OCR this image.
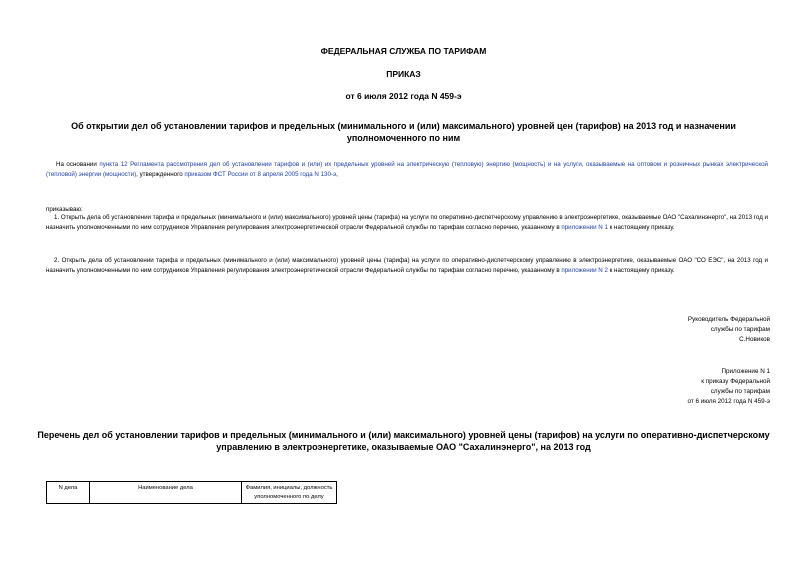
ФЕДЕРАЛЬНАЯ СЛУЖБА ПО ТАРИФАМ
ПРИКАЗ
от 6 июля 2012 года N 459-э
Об открытии дел об установлении тарифов и предельных (минимального и (или) максимального) уровней цен (тарифов) на 2013 год и назначении уполномоченного по ним
На основании пункта 12 Регламента рассмотрения дел об установлении тарифов и (или) их предельных уровней на электрическую (тепловую) энергию (мощность) и на услуги, оказываемые на оптовом и розничных рынках электрической (тепловой) энергии (мощности), утвержденного приказом ФСТ России от 8 апреля 2005 года N 130-э,
приказываю:
1. Открыть дела об установлении тарифа и предельных (минимального и (или) максимального) уровней цены (тарифа) на услуги по оперативно-диспетчерскому управлению в электроэнергетике, оказываемые ОАО "Сахалинэнерго", на 2013 год и назначить уполномоченными по ним сотрудников Управления регулирования электроэнергетической отрасли Федеральной службы по тарифам согласно перечню, указанному в приложении N 1 к настоящему приказу.
2. Открыть дела об установлении тарифа и предельных (минимального и (или) максимального) уровней цены (тарифа) на услуги по оперативно-диспетчерскому управлению в электроэнергетике, оказываемые ОАО "СО ЕЭС", на 2013 год и назначить уполномоченными по ним сотрудников Управления регулирования электроэнергетической отрасли Федеральной службы по тарифам согласно перечню, указанному в приложении N 2 к настоящему приказу.
Руководитель Федеральной
службы по тарифам
С.Новиков
Приложение N 1
к приказу Федеральной
службы по тарифам
от 6 июля 2012 года N 459-э
Перечень дел об установлении тарифов и предельных (минимального и (или) максимального) уровней цены (тарифов) на услуги по оперативно-диспетчерскому управлению в электроэнергетике, оказываемые ОАО "Сахалинэнерго", на 2013 год
N дела	Наименование дела	Фамилия, инициалы, должность уполномоченного по делу
